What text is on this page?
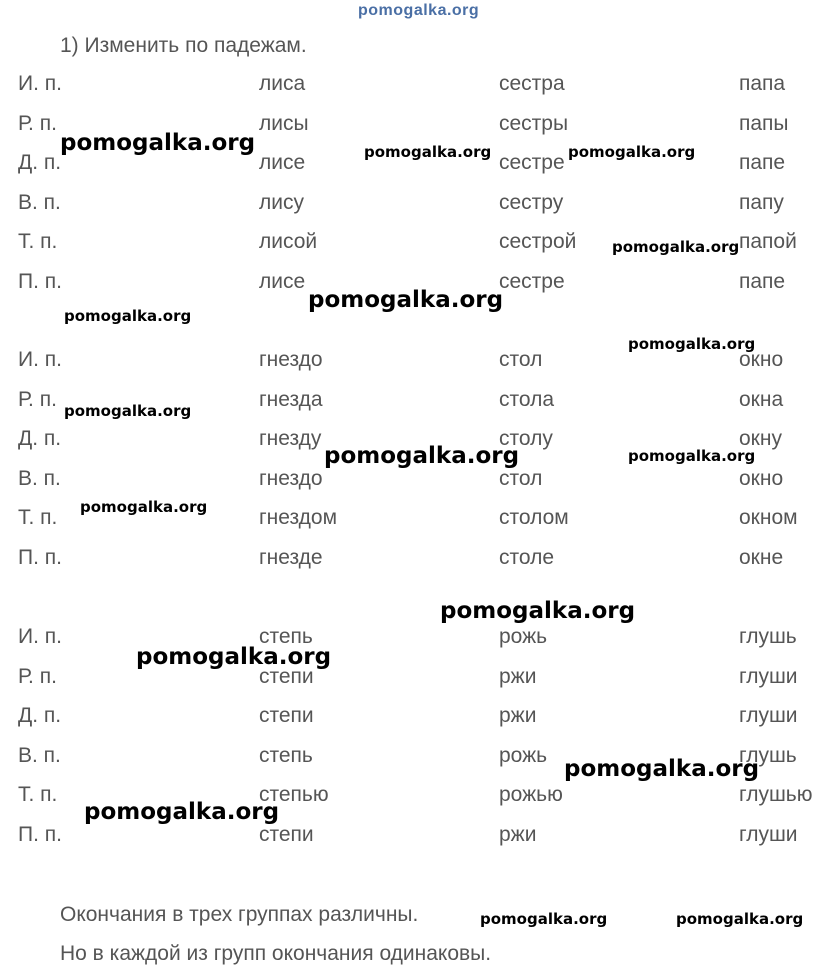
pomogalka.org
1) Изменить по падежам.
И. п.	лиса	сестра	папа
Р. п.	лисы	сестры	папы
Д. п.	лисе	сестре	папе
В. п.	лису	сестру	папу
Т. п.	лисой	сестрой	папой
П. п.	лисе	сестре	папе
И. п.	гнездо	стол	окно
Р. п.	гнезда	стола	окна
Д. п.	гнезду	столу	окну
В. п.	гнездо	стол	окно
Т. п.	гнездом	столом	окном
П. п.	гнезде	столе	окне
И. п.	степь	рожь	глушь
Р. п.	степи	ржи	глуши
Д. п.	степи	ржи	глуши
В. п.	степь	рожь	глушь
Т. п.	степью	рожью	глушью
П. п.	степи	ржи	глуши
Окончания в трех группах различны.
Но в каждой из групп окончания одинаковы.
pomogalka.org	pomogalka.org	pomogalka.org
pomogalka.org
pomogalka.org
pomogalka.org
pomogalka.org
pomogalka.org
pomogalka.org	pomogalka.org
pomogalka.org
pomogalka.org
pomogalka.org
pomogalka.org
pomogalka.org
pomogalka.org	pomogalka.org
